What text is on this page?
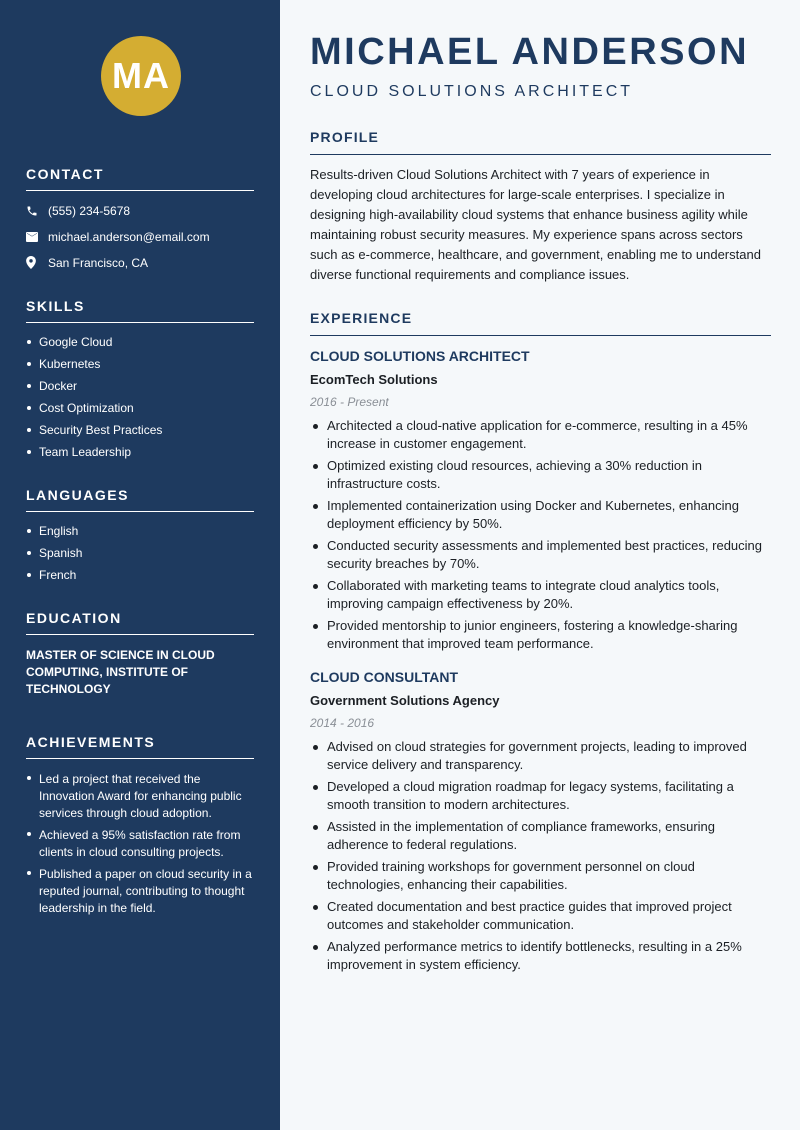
MA
CONTACT
(555) 234-5678
michael.anderson@email.com
San Francisco, CA
SKILLS
Google Cloud
Kubernetes
Docker
Cost Optimization
Security Best Practices
Team Leadership
LANGUAGES
English
Spanish
French
EDUCATION
MASTER OF SCIENCE IN CLOUD COMPUTING, INSTITUTE OF TECHNOLOGY
ACHIEVEMENTS
Led a project that received the Innovation Award for enhancing public services through cloud adoption.
Achieved a 95% satisfaction rate from clients in cloud consulting projects.
Published a paper on cloud security in a reputed journal, contributing to thought leadership in the field.
MICHAEL ANDERSON
CLOUD SOLUTIONS ARCHITECT
PROFILE

Results-driven Cloud Solutions Architect with 7 years of experience in developing cloud architectures for large-scale enterprises. I specialize in designing high-availability cloud systems that enhance business agility while maintaining robust security measures. My experience spans across sectors such as e-commerce, healthcare, and government, enabling me to understand diverse functional requirements and compliance issues.

EXPERIENCE
CLOUD SOLUTIONS ARCHITECT
EcomTech Solutions
2016 - Present
Architected a cloud-native application for e-commerce, resulting in a 45% increase in customer engagement.
Optimized existing cloud resources, achieving a 30% reduction in infrastructure costs.
Implemented containerization using Docker and Kubernetes, enhancing deployment efficiency by 50%.
Conducted security assessments and implemented best practices, reducing security breaches by 70%.
Collaborated with marketing teams to integrate cloud analytics tools, improving campaign effectiveness by 20%.
Provided mentorship to junior engineers, fostering a knowledge-sharing environment that improved team performance.
CLOUD CONSULTANT
Government Solutions Agency
2014 - 2016
Advised on cloud strategies for government projects, leading to improved service delivery and transparency.
Developed a cloud migration roadmap for legacy systems, facilitating a smooth transition to modern architectures.
Assisted in the implementation of compliance frameworks, ensuring adherence to federal regulations.
Provided training workshops for government personnel on cloud technologies, enhancing their capabilities.
Created documentation and best practice guides that improved project outcomes and stakeholder communication.
Analyzed performance metrics to identify bottlenecks, resulting in a 25% improvement in system efficiency.
